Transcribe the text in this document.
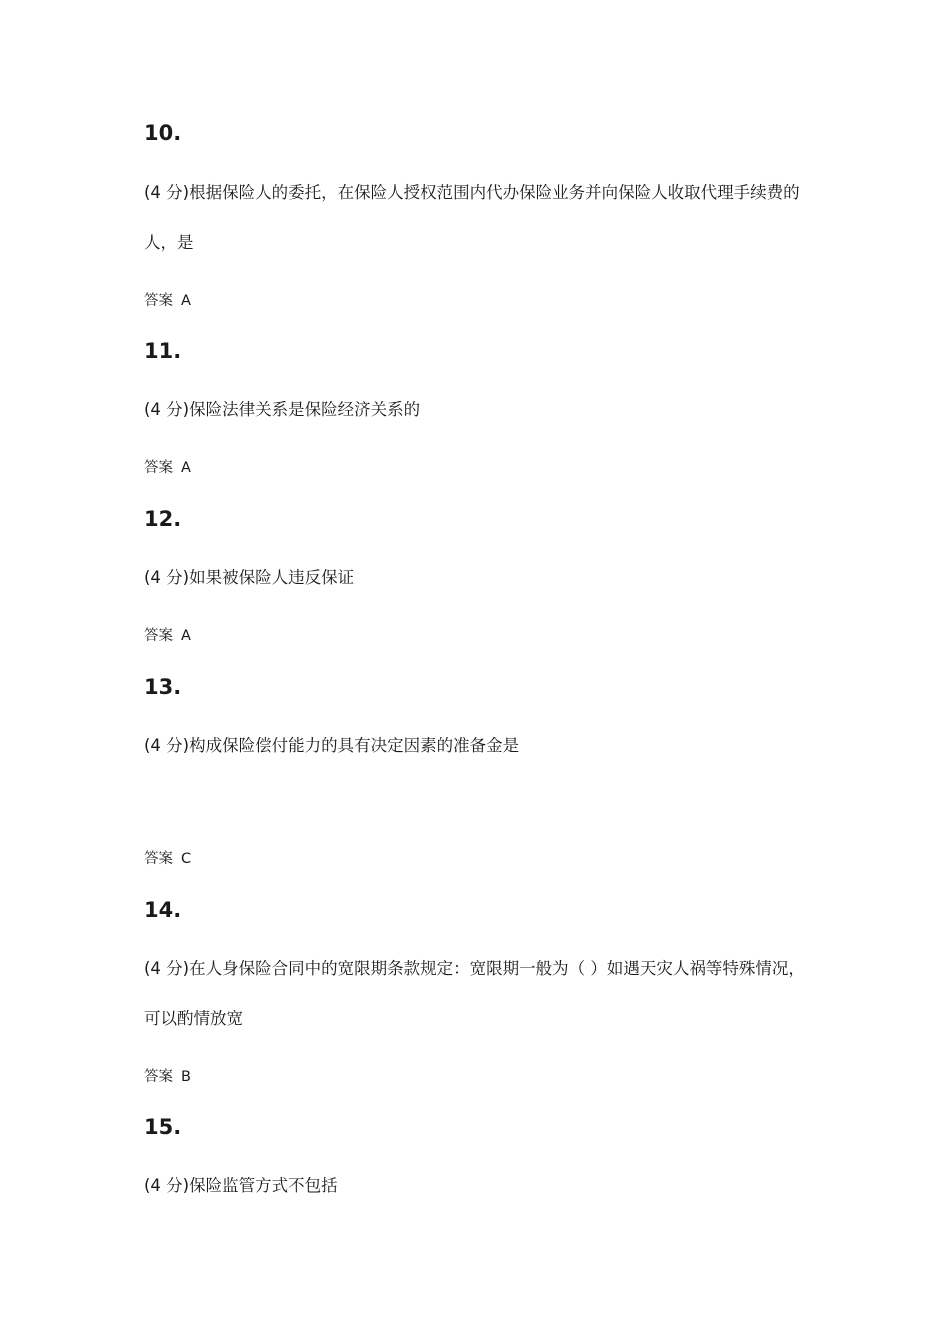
10.

(4 分)根据保险人的委托，在保险人授权范围内代办保险业务并向保险人收取代理手续费的人，是

答案 A

11.

(4 分)保险法律关系是保险经济关系的

答案 A

12.

(4 分)如果被保险人违反保证

答案 A

13.

(4 分)构成保险偿付能力的具有决定因素的准备金是

答案 C

14.

(4 分)在人身保险合同中的宽限期条款规定：宽限期一般为（ ）如遇天灾人祸等特殊情况，可以酌情放宽

答案 B

15.

(4 分)保险监管方式不包括
